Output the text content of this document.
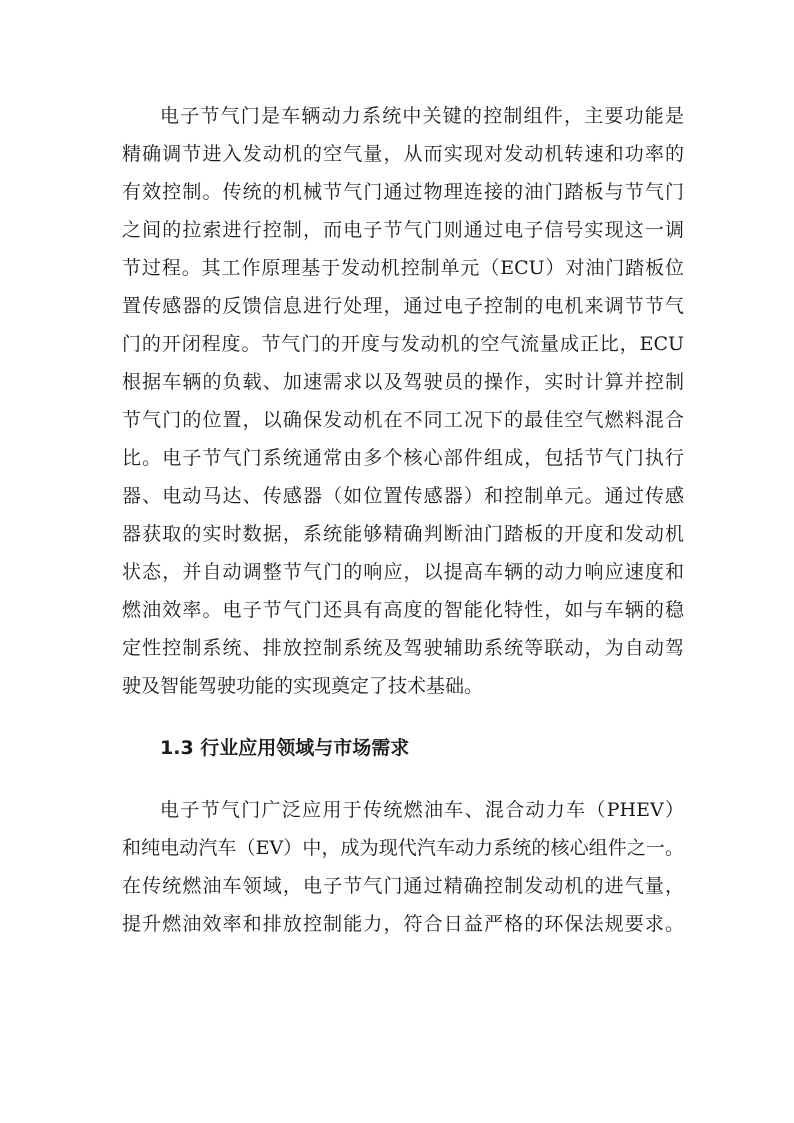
电子节气门是车辆动力系统中关键的控制组件，主要功能是
精确调节进入发动机的空气量，从而实现对发动机转速和功率的
有效控制。传统的机械节气门通过物理连接的油门踏板与节气门
之间的拉索进行控制，而电子节气门则通过电子信号实现这一调
节过程。其工作原理基于发动机控制单元（ECU）对油门踏板位
置传感器的反馈信息进行处理，通过电子控制的电机来调节节气
门的开闭程度。节气门的开度与发动机的空气流量成正比，ECU
根据车辆的负载、加速需求以及驾驶员的操作，实时计算并控制
节气门的位置，以确保发动机在不同工况下的最佳空气燃料混合
比。电子节气门系统通常由多个核心部件组成，包括节气门执行
器、电动马达、传感器（如位置传感器）和控制单元。通过传感
器获取的实时数据，系统能够精确判断油门踏板的开度和发动机
状态，并自动调整节气门的响应，以提高车辆的动力响应速度和
燃油效率。电子节气门还具有高度的智能化特性，如与车辆的稳
定性控制系统、排放控制系统及驾驶辅助系统等联动，为自动驾
驶及智能驾驶功能的实现奠定了技术基础。
1.3 行业应用领域与市场需求
电子节气门广泛应用于传统燃油车、混合动力车（PHEV）
和纯电动汽车（EV）中，成为现代汽车动力系统的核心组件之一。
在传统燃油车领域，电子节气门通过精确控制发动机的进气量，
提升燃油效率和排放控制能力，符合日益严格的环保法规要求。
